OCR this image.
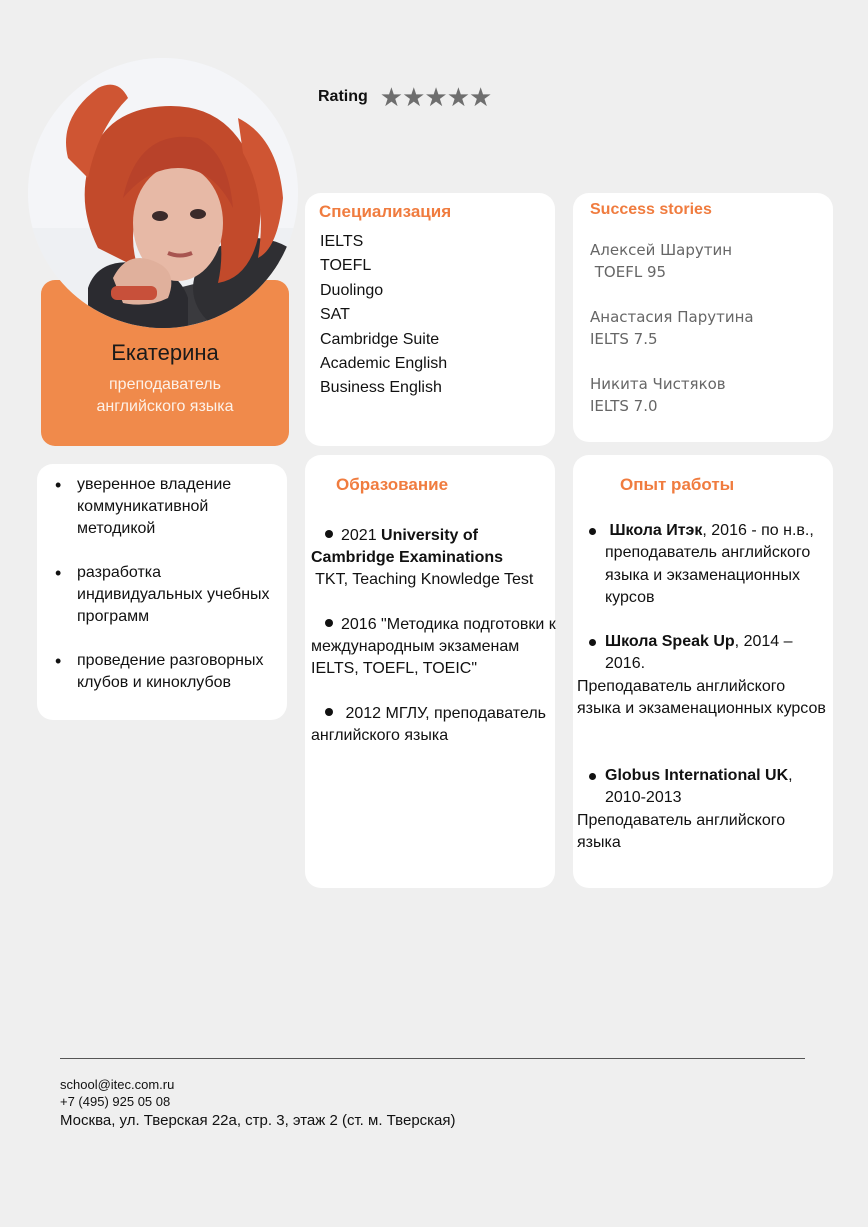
Rating ★★★★★
Екатерина
преподаватель
английского языка
• уверенное владение коммуникативной методикой
• разработка индивидуальных учебных программ
• проведение разговорных клубов и киноклубов
Специализация
IELTS
TOEFL
Duolingo
SAT
Cambridge Suite
Academic English
Business English
Success stories
Алексей Шарутин
TOEFL 95
Анастасия Парутина
IELTS 7.5
Никита Чистяков
IELTS 7.0
Образование
2021 University of Cambridge Examinations
TKT, Teaching Knowledge Test
2016 "Методика подготовки к международным экзаменам IELTS, TOEFL, TOEIC"
2012 МГЛУ, преподаватель английского языка
Опыт работы
Школа Итэк, 2016 - по н.в., преподаватель английского языка и экзаменационных курсов
Школа Speak Up, 2014 – 2016.
Преподаватель английского языка и экзаменационных курсов
Globus International UK, 2010-2013
Преподаватель английского языка
school@itec.com.ru
+7 (495) 925 05 08
Москва, ул. Тверская 22а, стр. 3, этаж 2 (ст. м. Тверская)
